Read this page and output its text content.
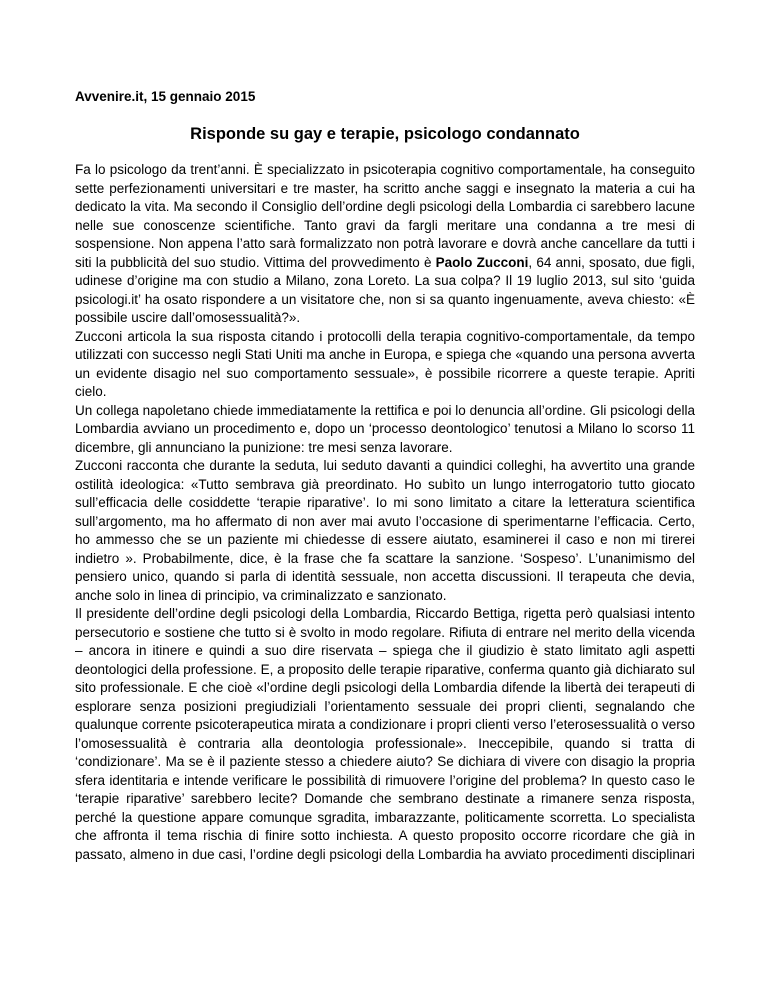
Avvenire.it, 15 gennaio 2015

Risponde su gay e terapie, psicologo condannato

Fa lo psicologo da trent’anni. È specializzato in psicoterapia cognitivo comportamentale, ha conseguito sette perfezionamenti universitari e tre master, ha scritto anche saggi e insegnato la materia a cui ha dedicato la vita. Ma secondo il Consiglio dell’ordine degli psicologi della Lombardia ci sarebbero lacune nelle sue conoscenze scientifiche. Tanto gravi da fargli meritare una condanna a tre mesi di sospensione. Non appena l’atto sarà formalizzato non potrà lavorare e dovrà anche cancellare da tutti i siti la pubblicità del suo studio. Vittima del provvedimento è Paolo Zucconi, 64 anni, sposato, due figli, udinese d’origine ma con studio a Milano, zona Loreto. La sua colpa? Il 19 luglio 2013, sul sito ‘guida psicologi.it’ ha osato rispondere a un visitatore che, non si sa quanto ingenuamente, aveva chiesto: «È possibile uscire dall’omosessualità?».

Zucconi articola la sua risposta citando i protocolli della terapia cognitivo-comportamentale, da tempo utilizzati con successo negli Stati Uniti ma anche in Europa, e spiega che «quando una persona avverta un evidente disagio nel suo comportamento sessuale», è possibile ricorrere a queste terapie. Apriti cielo.

Un collega napoletano chiede immediatamente la rettifica e poi lo denuncia all’ordine. Gli psicologi della Lombardia avviano un procedimento e, dopo un ‘processo deontologico’ tenutosi a Milano lo scorso 11 dicembre, gli annunciano la punizione: tre mesi senza lavorare.

Zucconi racconta che durante la seduta, lui seduto davanti a quindici colleghi, ha avvertito una grande ostilità ideologica: «Tutto sembrava già preordinato. Ho subìto un lungo interrogatorio tutto giocato sull’efficacia delle cosiddette ‘terapie riparative’. Io mi sono limitato a citare la letteratura scientifica sull’argomento, ma ho affermato di non aver mai avuto l’occasione di sperimentarne l’efficacia. Certo, ho ammesso che se un paziente mi chiedesse di essere aiutato, esaminerei il caso e non mi tirerei indietro ». Probabilmente, dice, è la frase che fa scattare la sanzione. ‘Sospeso’. L’unanimismo del pensiero unico, quando si parla di identità sessuale, non accetta discussioni. Il terapeuta che devia, anche solo in linea di principio, va criminalizzato e sanzionato.

Il presidente dell’ordine degli psicologi della Lombardia, Riccardo Bettiga, rigetta però qualsiasi intento persecutorio e sostiene che tutto si è svolto in modo regolare. Rifiuta di entrare nel merito della vicenda – ancora in itinere e quindi a suo dire riservata – spiega che il giudizio è stato limitato agli aspetti deontologici della professione. E, a proposito delle terapie riparative, conferma quanto già dichiarato sul sito professionale. E che cioè «l’ordine degli psicologi della Lombardia difende la libertà dei terapeuti di esplorare senza posizioni pregiudiziali l’orientamento sessuale dei propri clienti, segnalando che qualunque corrente psicoterapeutica mirata a condizionare i propri clienti verso l’eterosessualità o verso l’omosessualità è contraria alla deontologia professionale». Ineccepibile, quando si tratta di ‘condizionare’. Ma se è il paziente stesso a chiedere aiuto? Se dichiara di vivere con disagio la propria sfera identitaria e intende verificare le possibilità di rimuovere l’origine del problema? In questo caso le ‘terapie riparative’ sarebbero lecite? Domande che sembrano destinate a rimanere senza risposta, perché la questione appare comunque sgradita, imbarazzante, politicamente scorretta. Lo specialista che affronta il tema rischia di finire sotto inchiesta. A questo proposito occorre ricordare che già in passato, almeno in due casi, l’ordine degli psicologi della Lombardia ha avviato procedimenti disciplinari
